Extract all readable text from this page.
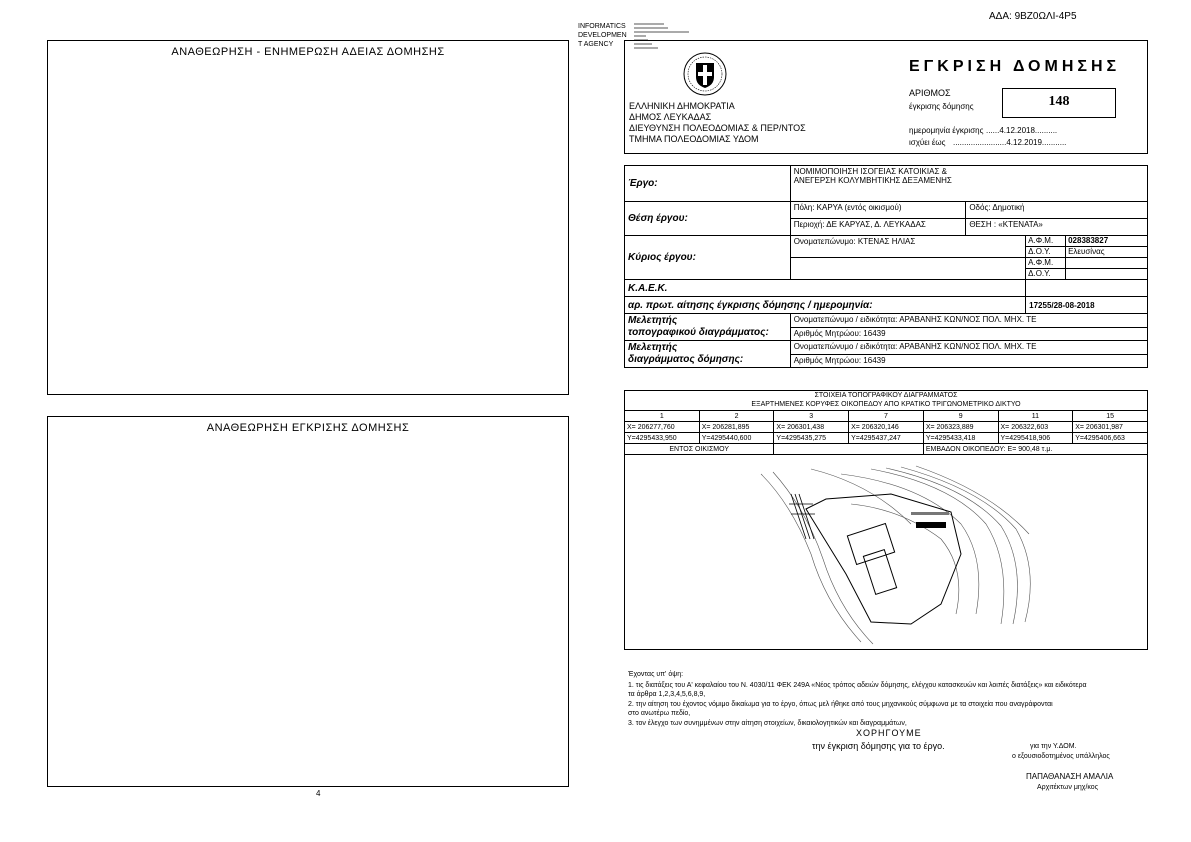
ΑΔΑ: 9ΒΖ0ΩΛΙ-4Ρ5
INFORMATICS
DEVELOPMEN
T AGENCY
ΑΝΑΘΕΩΡΗΣΗ - ΕΝΗΜΕΡΩΣΗ ΑΔΕΙΑΣ ΔΟΜΗΣΗΣ
ΑΝΑΘΕΩΡΗΣΗ ΕΓΚΡΙΣΗΣ ΔΟΜΗΣΗΣ
4
ΕΛΛΗΝΙΚΗ ΔΗΜΟΚΡΑΤΙΑ
ΔΗΜΟΣ ΛΕΥΚΑΔΑΣ
ΔΙΕΥΘΥΝΣΗ ΠΟΛΕΟΔΟΜΙΑΣ & ΠΕΡ/ΝΤΟΣ
ΤΜΗΜΑ ΠΟΛΕΟΔΟΜΙΑΣ ΥΔΟΜ
ΕΓΚΡΙΣΗ ΔΟΜΗΣΗΣ
ΑΡΙΘΜΟΣ
έγκρισης δόμησης	148
ημερομηνία έγκρισης ......4.12.2018..........
ισχύει έως ........................4.12.2019...........
Έργο:	ΝΟΜΙΜΟΠΟΙΗΣΗ ΙΣΟΓΕΙΑΣ ΚΑΤΟΙΚΙΑΣ &
ΑΝΕΓΕΡΣΗ ΚΟΛΥΜΒΗΤΙΚΗΣ ΔΕΞΑΜΕΝΗΣ			

Θέση έργου:	Πόλη: ΚΑΡΥΑ (εντός οικισμού)	Οδός: Δημοτική		
	Περιοχή: ΔΕ ΚΑΡΥΑΣ, Δ. ΛΕΥΚΑΔΑΣ	ΘΕΣΗ : «ΚΤΕΝΑΤΑ»		
Κύριος έργου:	Ονοματεπώνυμο: ΚΤΕΝΑΣ ΗΛΙΑΣ		Α.Φ.Μ.	028383827
			Δ.Ο.Υ.	Ελευσίνας
			Α.Φ.Μ.	
			Δ.Ο.Υ.	
Κ.Α.Ε.Κ.				
αρ. πρωτ. αίτησης έγκρισης δόμησης / ημερομηνία:			17255/28-08-2018	

Μελετητής
τοπογραφικού διαγράμματος:	Ονοματεπώνυμο / ειδικότητα: ΑΡΑΒΑΝΗΣ ΚΩΝ/ΝΟΣ ΠΟΛ. ΜΗΧ. ΤΕ			
	Αριθμός Μητρώου: 16439			

Μελετητής
διαγράμματος δόμησης:	Ονοματεπώνυμο / ειδικότητα: ΑΡΑΒΑΝΗΣ ΚΩΝ/ΝΟΣ ΠΟΛ. ΜΗΧ. ΤΕ			
	Αριθμός Μητρώου: 16439			
ΣΤΟΙΧΕΙΑ ΤΟΠΟΓΡΑΦΙΚΟΥ ΔΙΑΓΡΑΜΜΑΤΟΣ
ΕΞΑΡΤΗΜΕΝΕΣ ΚΟΡΥΦΕΣ ΟΙΚΟΠΕΔΟΥ ΑΠΟ ΚΡΑΤΙΚΟ ΤΡΙΓΩΝΟΜΕΤΡΙΚΟ ΔΙΚΤΥΟ
1	2	3	7	9	11	15
Χ= 206277,760	Χ= 206281,895	Χ= 206301,438	Χ= 206320,146	Χ= 206323,889	Χ= 206322,603	Χ= 206301,987
Υ=4295433,950	Υ=4295440,600	Υ=4295435,275	Υ=4295437,247	Υ=4295433,418	Υ=4295418,906	Υ=4295406,663
ΕΝΤΟΣ ΟΙΚΙΣΜΟΥ				ΕΜΒΑΔΟΝ ΟΙΚΟΠΕΔΟΥ: Ε= 900,48 τ.μ.		
Έχοντας υπ' όψη:
1. τις διατάξεις του Α' κεφαλαίου του Ν. 4030/11 ΦΕΚ 249Α «Νέος τρόπος αδειών δόμησης, ελέγχου κατασκευών και λοιπές διατάξεις» και ειδικότερα
τα άρθρα 1,2,3,4,5,6,8,9,
2. την αίτηση του έχοντος νόμιμο δικαίωμα για το έργο, όπως μελ ήθηκε από τους μηχανικούς σύμφωνα με τα στοιχεία που αναγράφονται
στο ανωτέρω πεδίο,
3. τον έλεγχο των συνημμένων στην αίτηση στοιχείων, δικαιολογητικών και διαγραμμάτων,
ΧΟΡΗΓΟΥΜΕ
την έγκριση δόμησης για το έργο.	για την Υ.ΔΟΜ.
ο εξουσιοδοτημένος υπάλληλος
ΠΑΠΑΘΑΝΑΣΗ ΑΜΑΛΙΑ
Αρχιτέκτων μηχ/κος
